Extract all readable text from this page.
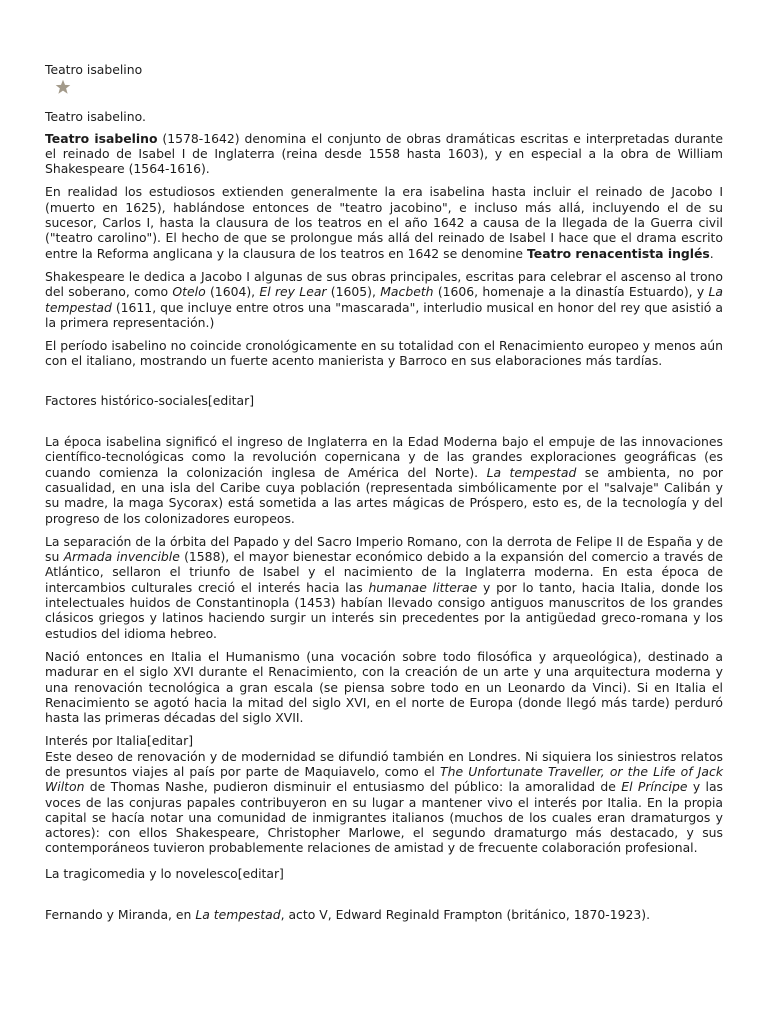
Teatro isabelino
Teatro isabelino.

Teatro isabelino (1578-1642) denomina el conjunto de obras dramáticas escritas e interpretadas durante el reinado de Isabel I de Inglaterra (reina desde 1558 hasta 1603), y en especial a la obra de William Shakespeare (1564-1616).

En realidad los estudiosos extienden generalmente la era isabelina hasta incluir el reinado de Jacobo I (muerto en 1625), hablándose entonces de "teatro jacobino", e incluso más allá, incluyendo el de su sucesor, Carlos I, hasta la clausura de los teatros en el año 1642 a causa de la llegada de la Guerra civil ("teatro carolino"). El hecho de que se prolongue más allá del reinado de Isabel I hace que el drama escrito entre la Reforma anglicana y la clausura de los teatros en 1642 se denomine Teatro renacentista inglés.

Shakespeare le dedica a Jacobo I algunas de sus obras principales, escritas para celebrar el ascenso al trono del soberano, como Otelo (1604), El rey Lear (1605), Macbeth (1606, homenaje a la dinastía Estuardo), y La tempestad (1611, que incluye entre otros una "mascarada", interludio musical en honor del rey que asistió a la primera representación.)

El período isabelino no coincide cronológicamente en su totalidad con el Renacimiento europeo y menos aún con el italiano, mostrando un fuerte acento manierista y Barroco en sus elaboraciones más tardías.

Factores histórico-sociales[editar]

La época isabelina significó el ingreso de Inglaterra en la Edad Moderna bajo el empuje de las innovaciones científico-tecnológicas como la revolución copernicana y de las grandes exploraciones geográficas (es cuando comienza la colonización inglesa de América del Norte). La tempestad se ambienta, no por casualidad, en una isla del Caribe cuya población (representada simbólicamente por el "salvaje" Calibán y su madre, la maga Sycorax) está sometida a las artes mágicas de Próspero, esto es, de la tecnología y del progreso de los colonizadores europeos.

La separación de la órbita del Papado y del Sacro Imperio Romano, con la derrota de Felipe II de España y de su Armada invencible (1588), el mayor bienestar económico debido a la expansión del comercio a través de Atlántico, sellaron el triunfo de Isabel y el nacimiento de la Inglaterra moderna. En esta época de intercambios culturales creció el interés hacia las humanae litterae y por lo tanto, hacia Italia, donde los intelectuales huidos de Constantinopla (1453) habían llevado consigo antiguos manuscritos de los grandes clásicos griegos y latinos haciendo surgir un interés sin precedentes por la antigüedad greco-romana y los estudios del idioma hebreo.

Nació entonces en Italia el Humanismo (una vocación sobre todo filosófica y arqueológica), destinado a madurar en el siglo XVI durante el Renacimiento, con la creación de un arte y una arquitectura moderna y una renovación tecnológica a gran escala (se piensa sobre todo en un Leonardo da Vinci). Si en Italia el Renacimiento se agotó hacia la mitad del siglo XVI, en el norte de Europa (donde llegó más tarde) perduró hasta las primeras décadas del siglo XVII.

Interés por Italia[editar]

Este deseo de renovación y de modernidad se difundió también en Londres. Ni siquiera los siniestros relatos de presuntos viajes al país por parte de Maquiavelo, como el The Unfortunate Traveller, or the Life of Jack Wilton de Thomas Nashe, pudieron disminuir el entusiasmo del público: la amoralidad de El Príncipe y las voces de las conjuras papales contribuyeron en su lugar a mantener vivo el interés por Italia. En la propia capital se hacía notar una comunidad de inmigrantes italianos (muchos de los cuales eran dramaturgos y actores): con ellos Shakespeare, Christopher Marlowe, el segundo dramaturgo más destacado, y sus contemporáneos tuvieron probablemente relaciones de amistad y de frecuente colaboración profesional.

La tragicomedia y lo novelesco[editar]

Fernando y Miranda, en La tempestad, acto V, Edward Reginald Frampton (británico, 1870-1923).
